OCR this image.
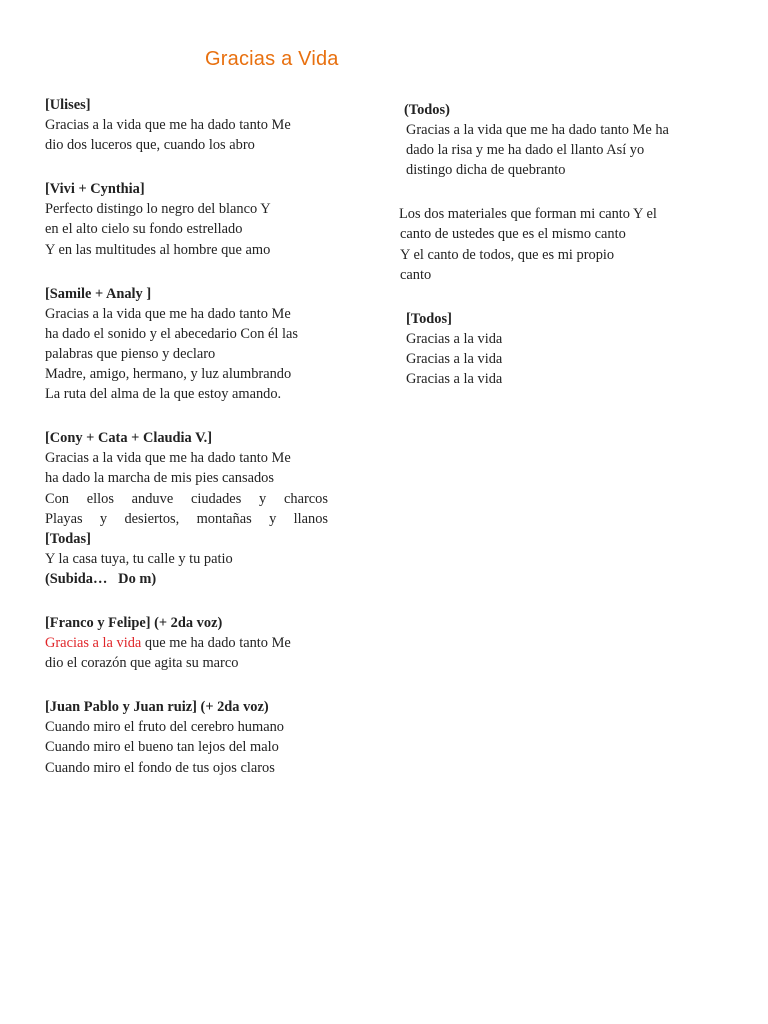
Gracias a Vida
[Ulises]
Gracias a la vida que me ha dado tanto Me
dio dos luceros que, cuando los abro
[Vivi + Cynthia]
Perfecto distingo lo negro del blanco Y
en el alto cielo su fondo estrellado
Y en las multitudes al hombre que amo
[Samile + Analy ]
Gracias a la vida que me ha dado tanto Me
ha dado el sonido y el abecedario Con él las
palabras que pienso y declaro
Madre, amigo, hermano, y luz alumbrando
La ruta del alma de la que estoy amando.
[Cony + Cata + Claudia V.]
Gracias a la vida que me ha dado tanto Me
ha dado la marcha de mis pies cansados
Con ellos anduve ciudades y charcos
Playas y desiertos, montañas y llanos
[Todas]
Y la casa tuya, tu calle y tu patio
(Subida…   Do m)
[Franco y Felipe] (+ 2da voz)
Gracias a la vida que me ha dado tanto Me
dio el corazón que agita su marco
[Juan Pablo y Juan ruiz] (+ 2da voz)
Cuando miro el fruto del cerebro humano
Cuando miro el bueno tan lejos del malo
Cuando miro el fondo de tus ojos claros
(Todos)
Gracias a la vida que me ha dado tanto Me ha
dado la risa y me ha dado el llanto Así yo
distingo dicha de quebranto
Los dos materiales que forman mi canto Y el
canto de ustedes que es el mismo canto
Y el canto de todos, que es mi propio
canto
[Todos]
Gracias a la vida
Gracias a la vida
Gracias a la vida
